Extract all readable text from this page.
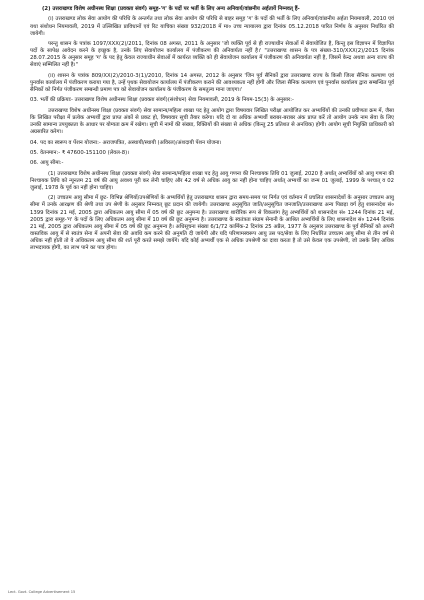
(2) उत्तराखण्ड विशेष अधीनस्थ शिक्षा (प्रवक्ता संवर्ग) समूह-'ग' के पदों पर भर्ती के लिए अन्य अनिवार्य/वांछनीय अर्हतायें निम्नवत् हैं-

(i) उत्तराखण्ड लोक सेवा आयोग की परिधि के अन्तर्गत तथा लोक सेवा आयोग की परिधि से बाहर समूह 'ग' के पदों की भर्ती के लिए अनिवार्य/वांछनीय अर्हता नियमावली, 2010 एवं यथा संशोधन नियमावली, 2019 में उल्लिखित प्राविधानों एवं रिट याचिका संख्या 932/2018 में मा० उच्च न्यायालय द्वारा दिनांक 05.12.2018 पारित निर्णय के अनुसार निर्धारित की जायेगी।

परन्तु शासन के पत्रांक 1097/XXX(2)/2011, दिनांक 08 अगस्त, 2011 के अनुसार 'जो व्यक्ति पूर्व से ही राज्याधीन सेवाओं में सेवायोजित है, किन्तु इस विज्ञापन में विज्ञापित पदों के सापेक्ष आवेदन करने के इच्छुक है, उनके लिए सेवायोजन कार्यालय में पंजीकरण की अनिवार्यता नहीं है।' "उत्तराखण्ड शासन के पत्र संख्या-310/XXX(2)/2015 दिनांक 28.07.2015 के अनुसार समूह 'ग' के पद हेतु केवल राज्याधीन सेवाओं में कार्यरत व्यक्ति को ही सेवायोजन कार्यालय में पंजीकरण की अनिवार्यता नहीं है, जिसमें केन्द्र अथवा अन्य राज्य की सेवाएं सम्मिलित नहीं है।"

(ii) शासन के पत्रांक 809/XX(2)/2010-3(1)/2010, दिनांक 14 अगस्त, 2012 के अनुसार 'जिन पूर्व सैनिकों द्वारा उत्तराखण्ड राज्य के किसी जिला सैनिक कल्याण एवं पुनर्वास कार्यालय में पंजीकरण कराया गया है, उन्हें पृथक सेवायोजन कार्यालय में पंजीकरण कराने की आवश्यकता नहीं होगी और जिला सैनिक कल्याण एवं पुनर्वास कार्यालय द्वारा सम्बन्धित पूर्व सैनिकों को निर्गत पंजीकरण सम्बन्धी प्रमाण पत्र को सेवायोजन कार्यालय के पंजीकरण के समतुल्य माना जाएगा।'

03. भर्ती की प्रक्रियाः- उत्तराखण्ड विशेष अधीनस्थ शिक्षा (प्रवक्ता संवर्ग)(संशोधन) सेवा नियमावली, 2019 के नियम-15(3) के अनुसार:-

उत्तराखण्ड विशेष अधीनस्थ शिक्षा (प्रवक्ता संवर्ग) सेवा सामान्य/महिला शाखा पद हेतु आयोग द्वारा विषयवार लिखित परीक्षा आयोजित कर अभ्यर्थियों की उनकी प्रवीणता क्रम में, जैसा कि लिखित परीक्षा में प्रत्येक अभ्यर्थी द्वारा प्राप्त अंकों से प्रकट हो, विषयवार सूची तैयार करेगा। यदि दो या अधिक अभ्यर्थी बराबर-बराबर अंक प्राप्त करें तो आयोग उनके नाम सेवा के लिए उनकी सामान्य उपयुक्तता के आधार पर योग्यता क्रम में रखेगा। सूची में नामों की संख्या, रिक्तियों की संख्या से अधिक (किन्तु 25 प्रतिशत से अनधिक) होगी। आयोग सूची नियुक्ति प्राधिकारी को अग्रसारित करेगा।

04. पद का स्वरूप व पेंशन योजना:- अराजपत्रित, अस्थायी/स्थायी (अविरल)/अंशदायी पेंशन योजना।

05. वेतनमान:- ₹ 47600-151100 (लेवल-8)।

06. आयु सीमा:-

(1) उत्तराखण्ड विशेष अधीनस्थ शिक्षा (प्रवक्ता संवर्ग) सेवा सामान्य/महिला शाखा पद हेतु आयु गणना की निश्चायक तिथि 01 जुलाई, 2020 है अर्थात् अभ्यर्थियों को आयु गणना की निश्चायक तिथि को न्यूनतम 21 वर्ष की आयु अवश्य पूरी कर लेनी चाहिए और 42 वर्ष से अधिक आयु का नहीं होना चाहिए अर्थात् अभ्यर्थी का जन्म 01 जुलाई, 1999 के पश्चात् व 02 जुलाई, 1978 के पूर्व का नहीं होना चाहिए।

(2) उच्चतम आयु सीमा में छूट- विभिन्न श्रेणियों/उपश्रेणियों के अभ्यर्थियों हेतु उत्तराखण्ड शासन द्वारा समय-समय पर निर्गत एवं वर्तमान में प्रचलित शासनादेशों के अनुसार उच्चतम आयु सीमा में उनके आरक्षण की श्रेणी तथा उप श्रेणी के अनुसार निम्नवत् छूट प्रदान की जायेगी। उत्तराखण्ड अनुसूचित जाति/अनुसूचित जनजाति/उत्तराखण्ड अन्य पिछड़ा वर्ग हेतु शासनादेश सं० 1399 दिनांक 21 मई, 2005 द्वारा अधिकतम आयु सीमा में 05 वर्ष की छूट अनुमन्य है। उत्तराखण्ड शारीरिक रूप से विकलांग हेतु अभ्यर्थियों को शासनादेश सं० 1244 दिनांक 21 मई, 2005 द्वारा समूह-'ग' के पदों के लिए अधिकतम आयु सीमा में 10 वर्ष की छूट अनुमन्य है। उत्तराखण्ड के स्वतंत्रता संग्राम सेनानी के आश्रित अभ्यर्थियों के लिए शासनादेश सं० 1244 दिनांक 21 मई, 2005 द्वारा अधिकतम आयु सीमा में 05 वर्ष की छूट अनुमन्य है। अधिसूचना संख्या 6/1/72 कार्मिक-2 दिनांक 25 अप्रैल, 1977 के अनुसार उत्तराखण्ड के पूर्व सैनिकों को अपनी वास्तविक आयु में से स्वतंत्र सेना में अपनी सेवा की अवधि कम करने की अनुमति दी जायेगी और यदि परिणामस्वरूप आयु उस पद/सेवा के लिए निर्धारित उच्चतम आयु सीमा से तीन वर्ष से अधिक नहीं होती तो वे अधिकतम आयु सीमा की शर्त पूरी करते समझे जायेंगे। यदि कोई अभ्यर्थी एक से अधिक उपश्रेणी का दावा करता है तो उसे केवल एक उपश्रेणी, जो उसके लिए अधिक लाभदायक होगी, का लाभ पाने का पात्र होगा।

Lect. Govt. College Advertisement 15
